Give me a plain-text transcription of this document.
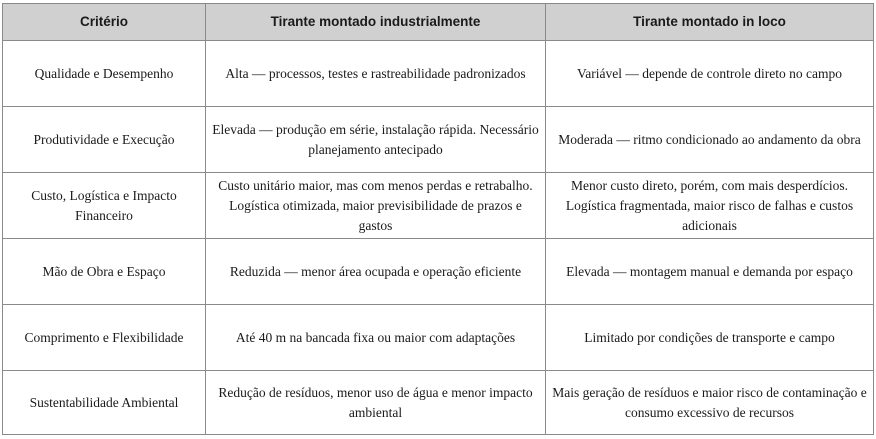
Critério	Tirante montado industrialmente	Tirante montado in loco
Qualidade e Desempenho	Alta — processos, testes e rastreabilidade padronizados	Variável — depende de controle direto no campo
Produtividade e Execução	Elevada — produção em série, instalação rápida. Necessário planejamento antecipado	Moderada — ritmo condicionado ao andamento da obra
Custo, Logística e Impacto Financeiro	Custo unitário maior, mas com menos perdas e retrabalho. Logística otimizada, maior previsibilidade de prazos e gastos	Menor custo direto, porém, com mais desperdícios. Logística fragmentada, maior risco de falhas e custos adicionais
Mão de Obra e Espaço	Reduzida — menor área ocupada e operação eficiente	Elevada — montagem manual e demanda por espaço
Comprimento e Flexibilidade	Até 40 m na bancada fixa ou maior com adaptações	Limitado por condições de transporte e campo
Sustentabilidade Ambiental	Redução de resíduos, menor uso de água e menor impacto ambiental	Mais geração de resíduos e maior risco de contaminação e consumo excessivo de recursos
